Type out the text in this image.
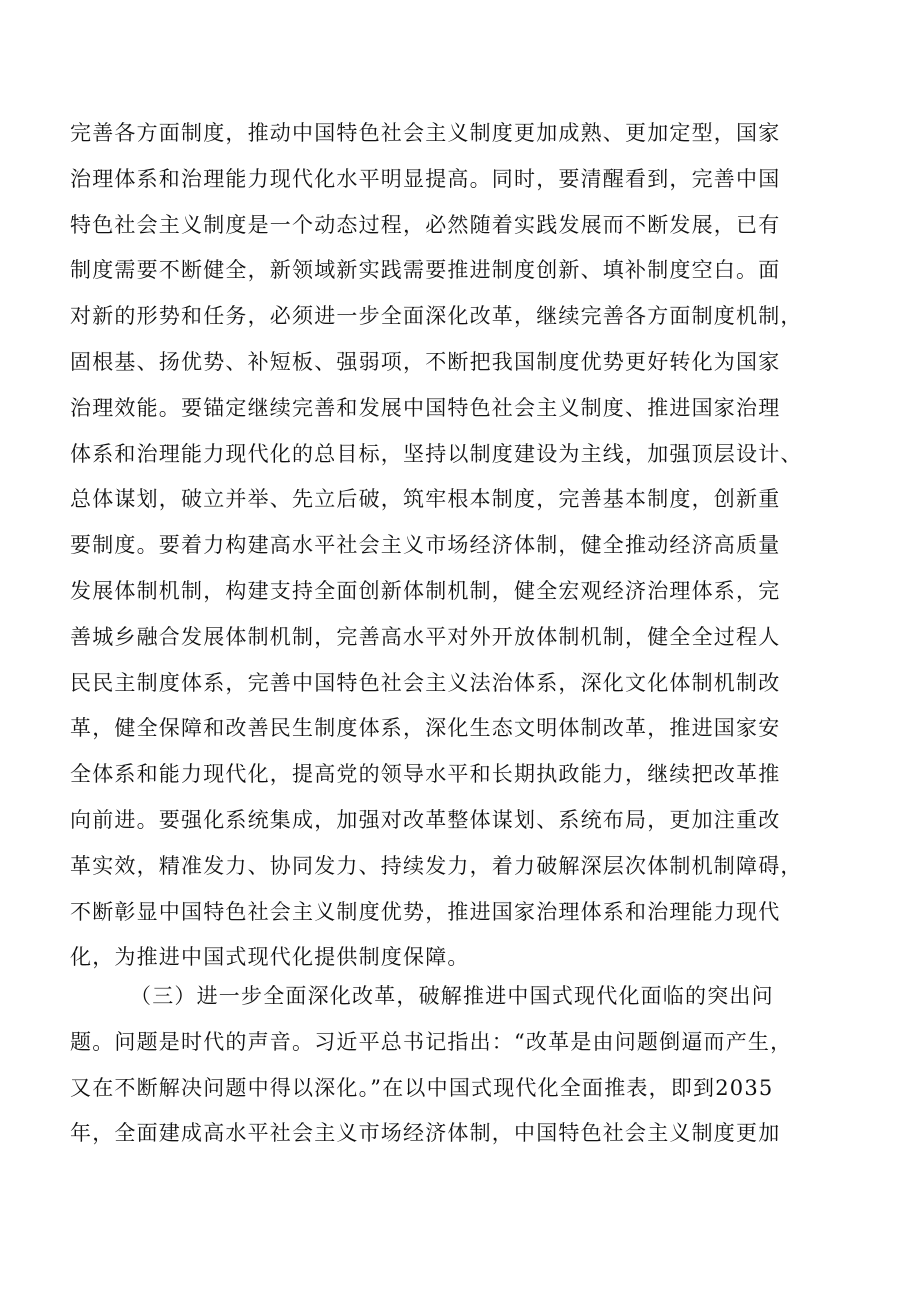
完善各方面制度，推动中国特色社会主义制度更加成熟、更加定型，国家
治理体系和治理能力现代化水平明显提高。同时，要清醒看到，完善中国
特色社会主义制度是一个动态过程，必然随着实践发展而不断发展，已有
制度需要不断健全，新领域新实践需要推进制度创新、填补制度空白。面
对新的形势和任务，必须进一步全面深化改革，继续完善各方面制度机制，
固根基、扬优势、补短板、强弱项，不断把我国制度优势更好转化为国家
治理效能。要锚定继续完善和发展中国特色社会主义制度、推进国家治理
体系和治理能力现代化的总目标，坚持以制度建设为主线，加强顶层设计、
总体谋划，破立并举、先立后破，筑牢根本制度，完善基本制度，创新重
要制度。要着力构建高水平社会主义市场经济体制，健全推动经济高质量
发展体制机制，构建支持全面创新体制机制，健全宏观经济治理体系，完
善城乡融合发展体制机制，完善高水平对外开放体制机制，健全全过程人
民民主制度体系，完善中国特色社会主义法治体系，深化文化体制机制改
革，健全保障和改善民生制度体系，深化生态文明体制改革，推进国家安
全体系和能力现代化，提高党的领导水平和长期执政能力，继续把改革推
向前进。要强化系统集成，加强对改革整体谋划、系统布局，更加注重改
革实效，精准发力、协同发力、持续发力，着力破解深层次体制机制障碍，
不断彰显中国特色社会主义制度优势，推进国家治理体系和治理能力现代
化，为推进中国式现代化提供制度保障。
（三）进一步全面深化改革，破解推进中国式现代化面临的突出问
题。问题是时代的声音。习近平总书记指出：“改革是由问题倒逼而产生，
又在不断解决问题中得以深化。”在以中国式现代化全面推表，即到2035
年，全面建成高水平社会主义市场经济体制，中国特色社会主义制度更加
